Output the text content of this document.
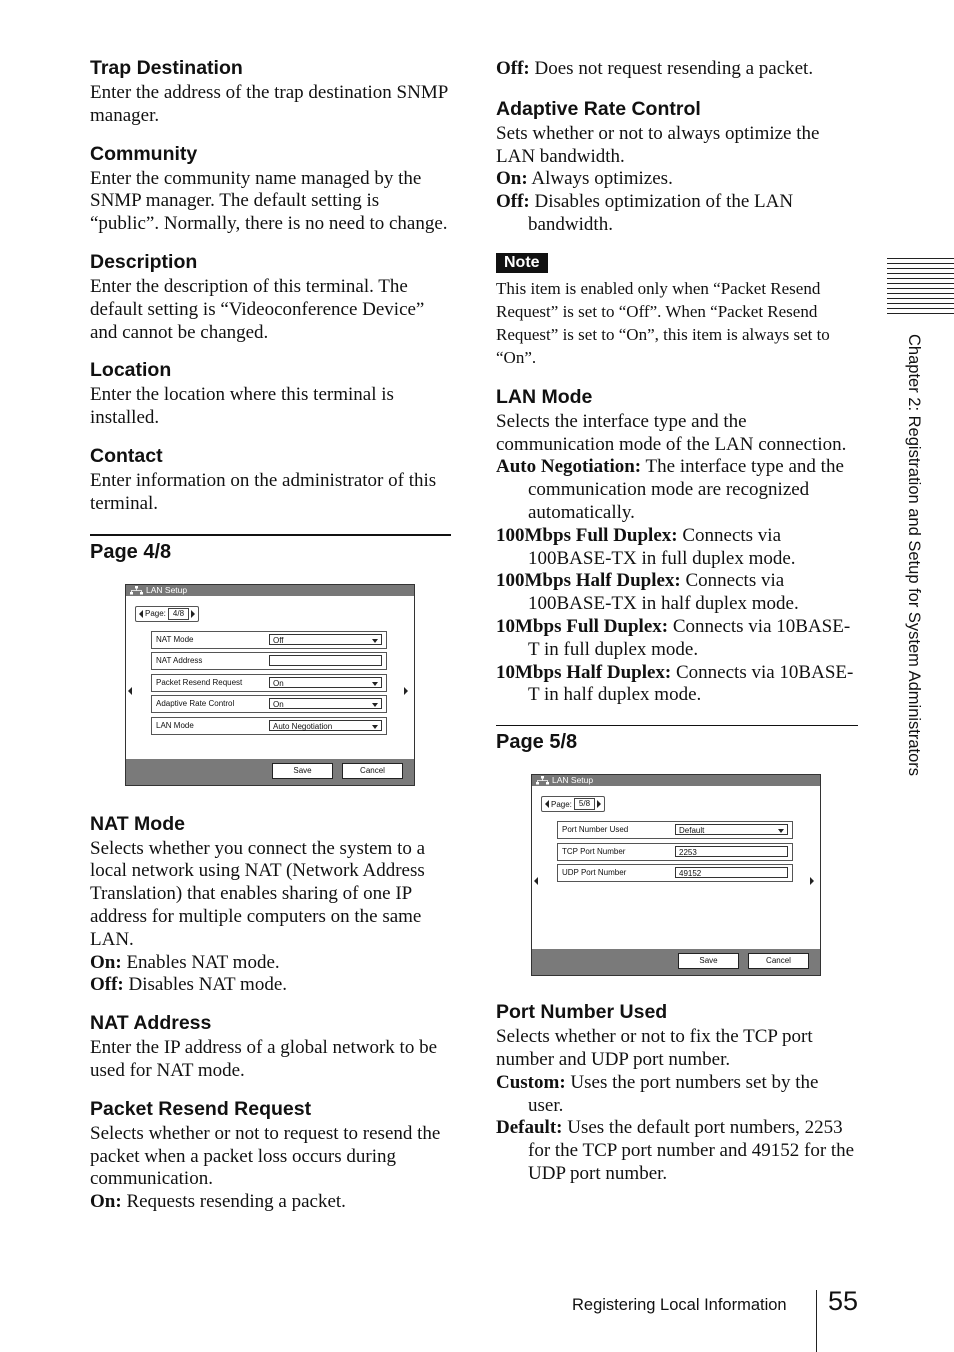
Trap Destination

Enter the address of the trap destination SNMP manager.

Community

Enter the community name managed by the SNMP manager. The default setting is “public”. Normally, there is no need to change.

Description

Enter the description of this terminal. The default setting is “Videoconference Device” and cannot be changed.

Location

Enter the location where this terminal is installed.

Contact

Enter information on the administrator of this terminal.

Page 4/8
LAN Setup
Page: 4/8
NAT Mode	Off
NAT Address
Packet Resend Request	On
Adaptive Rate Control	On
LAN Mode	Auto Negotiation
Save	Cancel
NAT Mode

Selects whether you connect the system to a local network using NAT (Network Address Translation) that enables sharing of one IP address for multiple computers on the same LAN.

On: Enables NAT mode.

Off: Disables NAT mode.

NAT Address

Enter the IP address of a global network to be used for NAT mode.

Packet Resend Request

Selects whether or not to request to resend the packet when a packet loss occurs during communication.

On: Requests resending a packet.

Off: Does not request resending a packet.

Adaptive Rate Control

Sets whether or not to always optimize the LAN bandwidth.

On: Always optimizes.

Off: Disables optimization of the LAN bandwidth.

Note
This item is enabled only when “Packet Resend Request” is set to “Off”. When “Packet Resend Request” is set to “On”, this item is always set to “On”.
LAN Mode

Selects the interface type and the communication mode of the LAN connection.

Auto Negotiation: The interface type and the communication mode are recognized automatically.

100Mbps Full Duplex: Connects via 100BASE-TX in full duplex mode.

100Mbps Half Duplex: Connects via 100BASE-TX in half duplex mode.

10Mbps Full Duplex: Connects via 10BASE-T in full duplex mode.

10Mbps Half Duplex: Connects via 10BASE-T in half duplex mode.

Page 5/8
LAN Setup
Page: 5/8
Port Number Used	Default
TCP Port Number	2253
UDP Port Number	49152
Save	Cancel
Port Number Used

Selects whether or not to fix the TCP port number and UDP port number.

Custom: Uses the port numbers set by the user.

Default: Uses the default port numbers, 2253 for the TCP port number and 49152 for the UDP port number.

Chapter 2: Registration and Setup for System Administrators
Registering Local Information 55
